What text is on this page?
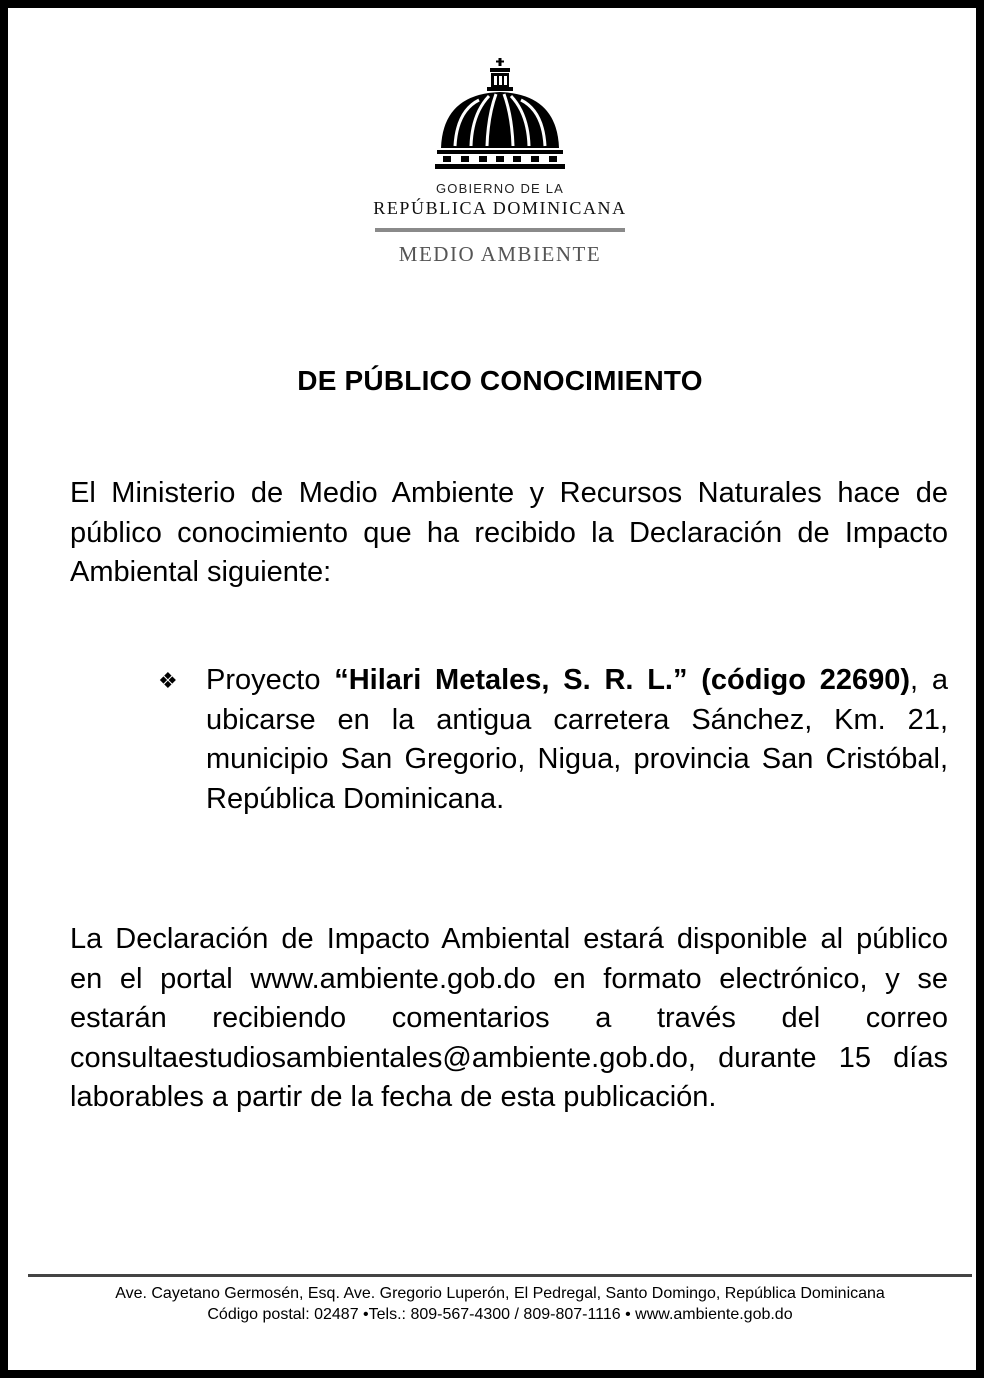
GOBIERNO DE LA
REPÚBLICA DOMINICANA
MEDIO AMBIENTE
DE PÚBLICO CONOCIMIENTO
El Ministerio de Medio Ambiente y Recursos Naturales hace de público conocimiento que ha recibido la Declaración de Impacto Ambiental siguiente:
❖ Proyecto “Hilari Metales, S. R. L.” (código 22690), a ubicarse en la antigua carretera Sánchez, Km. 21, municipio San Gregorio, Nigua, provincia San Cristóbal, República Dominicana.
La Declaración de Impacto Ambiental estará disponible al público en el portal www.ambiente.gob.do en formato electrónico, y se estarán recibiendo comentarios a través del correo consultaestudiosambientales@ambiente.gob.do, durante 15 días laborables a partir de la fecha de esta publicación.
Ave. Cayetano Germosén, Esq. Ave. Gregorio Luperón, El Pedregal, Santo Domingo, República Dominicana
Código postal: 02487 •Tels.: 809-567-4300 / 809-807-1116 • www.ambiente.gob.do
